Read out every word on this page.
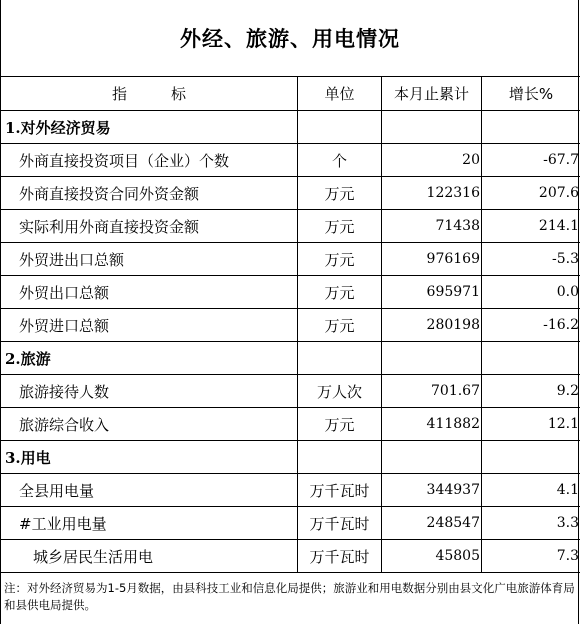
外经、旅游、用电情况
指 标	单位	本月止累计	增长%
1.对外经济贸易			
外商直接投资项目（企业）个数	个	20	-67.7
外商直接投资合同外资金额	万元	122316	207.6
实际利用外商直接投资金额	万元	71438	214.1
外贸进出口总额	万元	976169	-5.3
外贸出口总额	万元	695971	0.0
外贸进口总额	万元	280198	-16.2
2.旅游			
旅游接待人数	万人次	701.67	9.2
旅游综合收入	万元	411882	12.1
3.用电			
全县用电量	万千瓦时	344937	4.1
#工业用电量	万千瓦时	248547	3.3
城乡居民生活用电	万千瓦时	45805	7.3
注：对外经济贸易为1-5月数据，由县科技工业和信息化局提供；旅游业和用电数据分别由县文化广电旅游体育局和县供电局提供。
